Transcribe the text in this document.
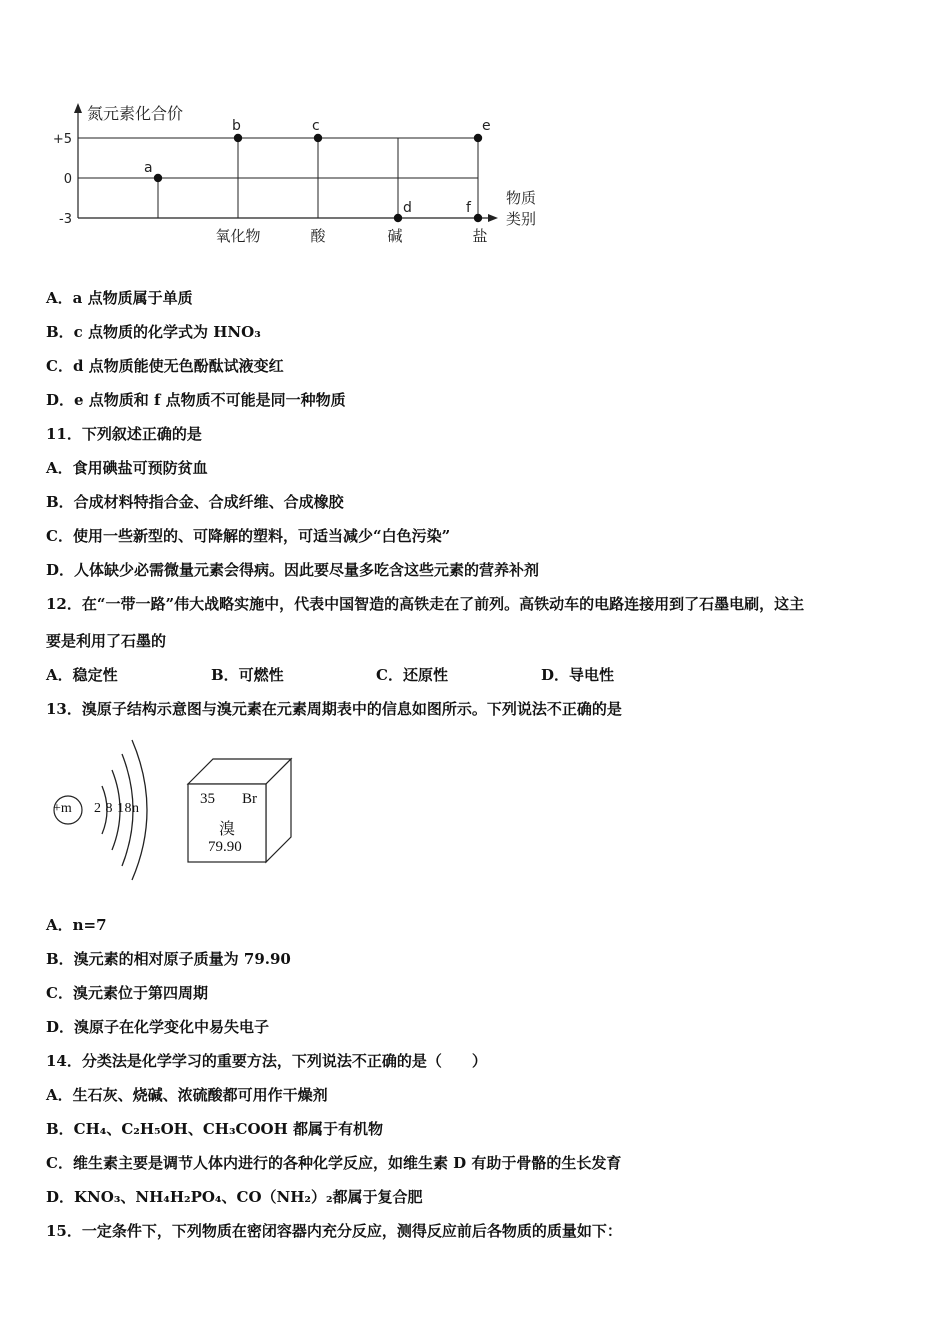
氮元素化合价
物质
类别
+5
0
-3
氧化物	酸	碱	盐
a
b	c
d
e
f
A．a 点物质属于单质
B．c 点物质的化学式为 HNO₃
C．d 点物质能使无色酚酞试液变红
D．e 点物质和 f 点物质不可能是同一种物质
11．下列叙述正确的是
A．食用碘盐可预防贫血
B．合成材料特指合金、合成纤维、合成橡胶
C．使用一些新型的、可降解的塑料，可适当减少“白色污染”
D．人体缺少必需微量元素会得病。因此要尽量多吃含这些元素的营养补剂
12．在“一带一路”伟大战略实施中，代表中国智造的高铁走在了前列。高铁动车的电路连接用到了石墨电刷，这主
要是利用了石墨的
A．稳定性	B．可燃性	C．还原性	D．导电性
13．溴原子结构示意图与溴元素在元素周期表中的信息如图所示。下列说法不正确的是
+m 2 8 18n
35 Br
溴
79.90
A．n=7
B．溴元素的相对原子质量为 79.90
C．溴元素位于第四周期
D．溴原子在化学变化中易失电子
14．分类法是化学学习的重要方法，下列说法不正确的是（　　）
A．生石灰、烧碱、浓硫酸都可用作干燥剂
B．CH₄、C₂H₅OH、CH₃COOH 都属于有机物
C．维生素主要是调节人体内进行的各种化学反应，如维生素 D 有助于骨骼的生长发育
D．KNO₃、NH₄H₂PO₄、CO（NH₂）₂都属于复合肥
15．一定条件下，下列物质在密闭容器内充分反应，测得反应前后各物质的质量如下：
